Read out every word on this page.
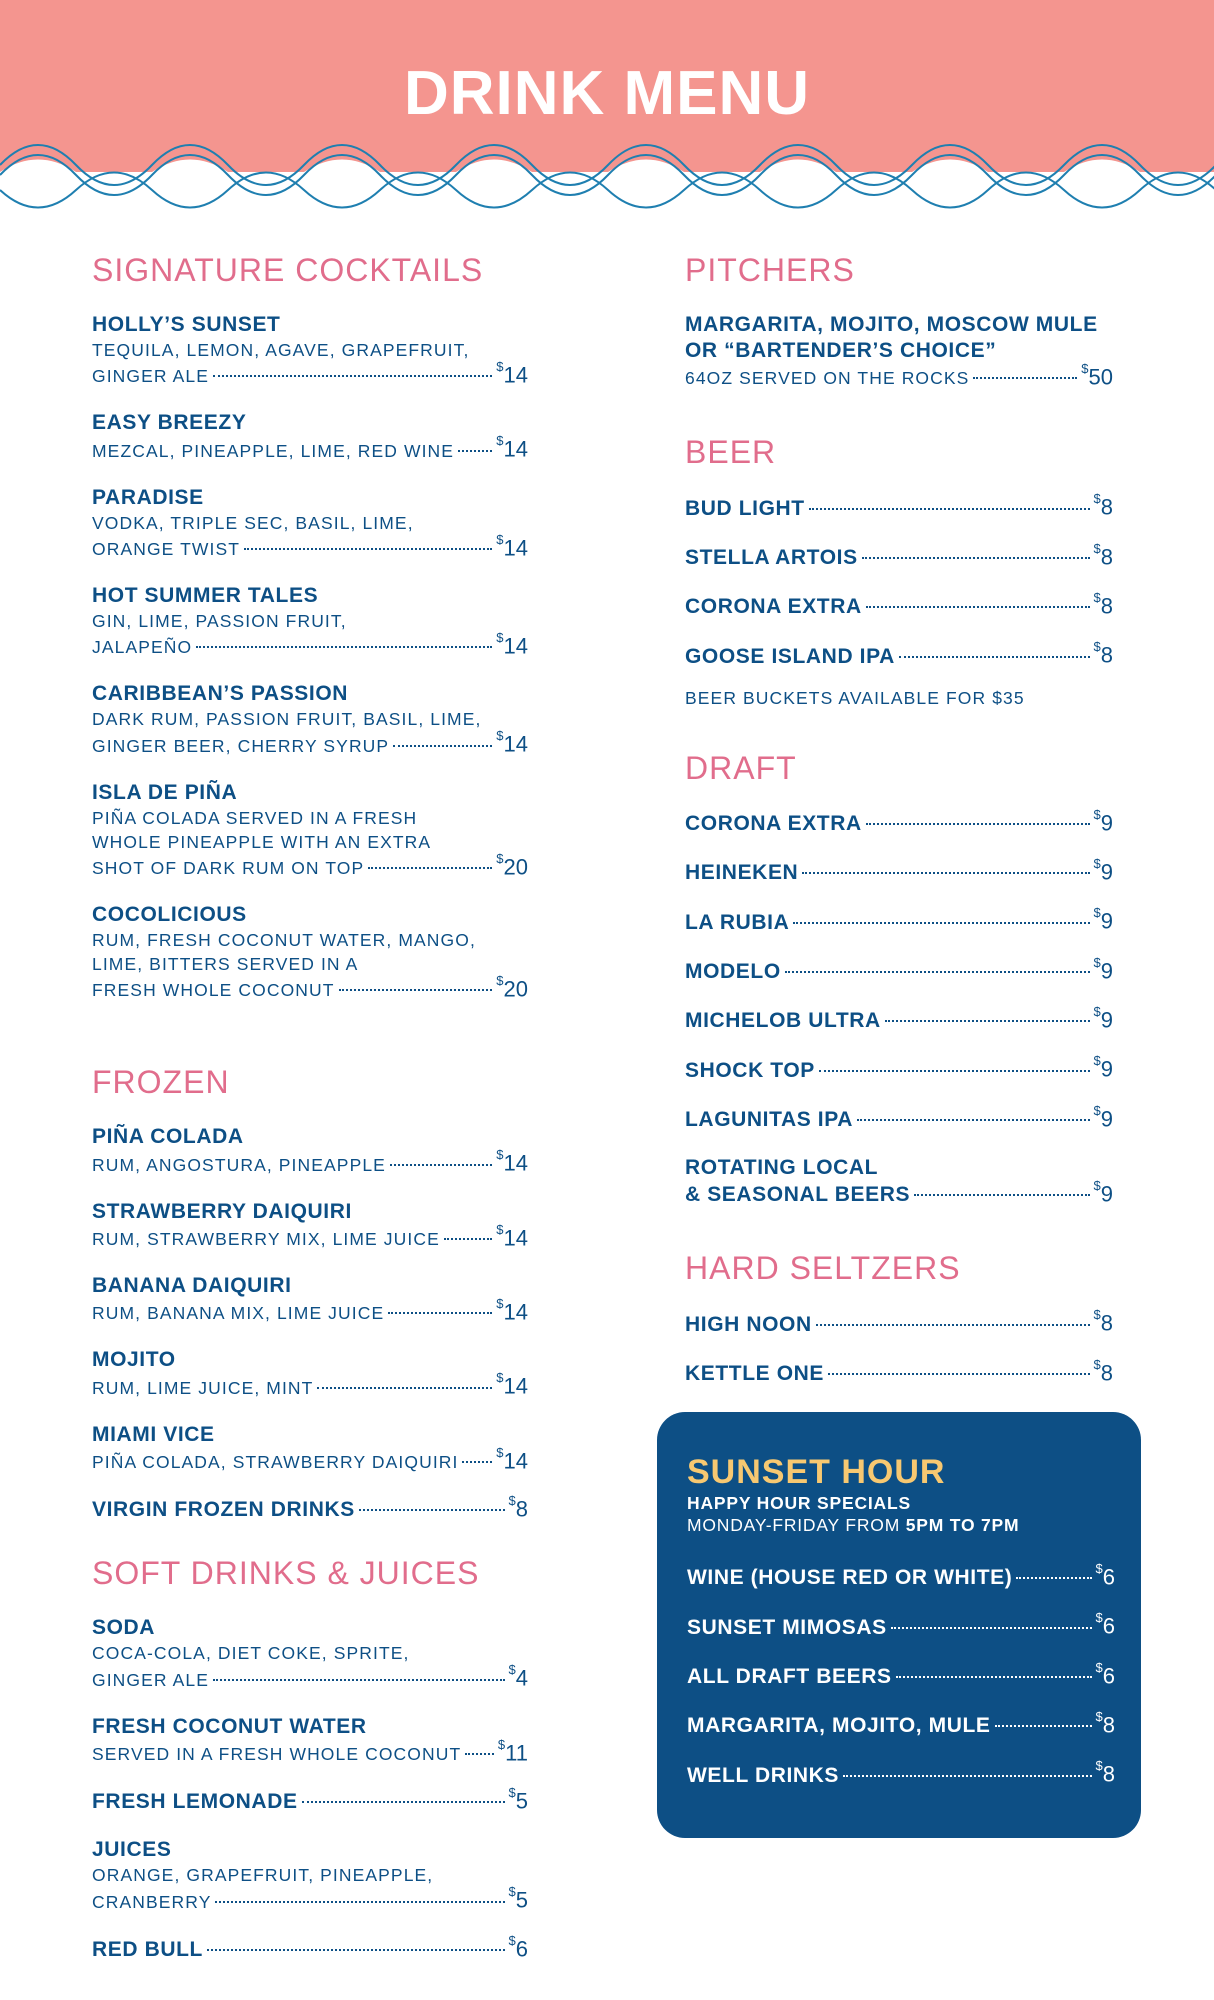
DRINK MENU
SIGNATURE COCKTAILS
HOLLY’S SUNSET
TEQUILA, LEMON, AGAVE, GRAPEFRUIT,
GINGER ALE	$14
EASY BREEZY
MEZCAL, PINEAPPLE, LIME, RED WINE	$14
PARADISE
VODKA, TRIPLE SEC, BASIL, LIME,
ORANGE TWIST	$14
HOT SUMMER TALES
GIN, LIME, PASSION FRUIT,
JALAPEÑO	$14
CARIBBEAN’S PASSION
DARK RUM, PASSION FRUIT, BASIL, LIME,
GINGER BEER, CHERRY SYRUP	$14
ISLA DE PIÑA
PIÑA COLADA SERVED IN A FRESH
WHOLE PINEAPPLE WITH AN EXTRA
SHOT OF DARK RUM ON TOP	$20
COCOLICIOUS
RUM, FRESH COCONUT WATER, MANGO,
LIME, BITTERS SERVED IN A
FRESH WHOLE COCONUT	$20
FROZEN
PIÑA COLADA
RUM, ANGOSTURA, PINEAPPLE	$14
STRAWBERRY DAIQUIRI
RUM, STRAWBERRY MIX, LIME JUICE	$14
BANANA DAIQUIRI
RUM, BANANA MIX, LIME JUICE	$14
MOJITO
RUM, LIME JUICE, MINT	$14
MIAMI VICE
PIÑA COLADA, STRAWBERRY DAIQUIRI	$14
VIRGIN FROZEN DRINKS	$8
SOFT DRINKS & JUICES
SODA
COCA-COLA, DIET COKE, SPRITE,
GINGER ALE	$4
FRESH COCONUT WATER
SERVED IN A FRESH WHOLE COCONUT	$11
FRESH LEMONADE	$5
JUICES
ORANGE, GRAPEFRUIT, PINEAPPLE,
CRANBERRY	$5
RED BULL	$6
PITCHERS
MARGARITA, MOJITO, MOSCOW MULE
OR “BARTENDER’S CHOICE”
64OZ SERVED ON THE ROCKS	$50
BEER
BUD LIGHT	$8
STELLA ARTOIS	$8
CORONA EXTRA	$8
GOOSE ISLAND IPA	$8
BEER BUCKETS AVAILABLE FOR $35
DRAFT
CORONA EXTRA	$9
HEINEKEN	$9
LA RUBIA	$9
MODELO	$9
MICHELOB ULTRA	$9
SHOCK TOP	$9
LAGUNITAS IPA	$9
ROTATING LOCAL
& SEASONAL BEERS	$9
HARD SELTZERS
HIGH NOON	$8
KETTLE ONE	$8
SUNSET HOUR
HAPPY HOUR SPECIALS
MONDAY-FRIDAY FROM 5PM TO 7PM
WINE (HOUSE RED OR WHITE)	$6
SUNSET MIMOSAS	$6
ALL DRAFT BEERS	$6
MARGARITA, MOJITO, MULE	$8
WELL DRINKS	$8
